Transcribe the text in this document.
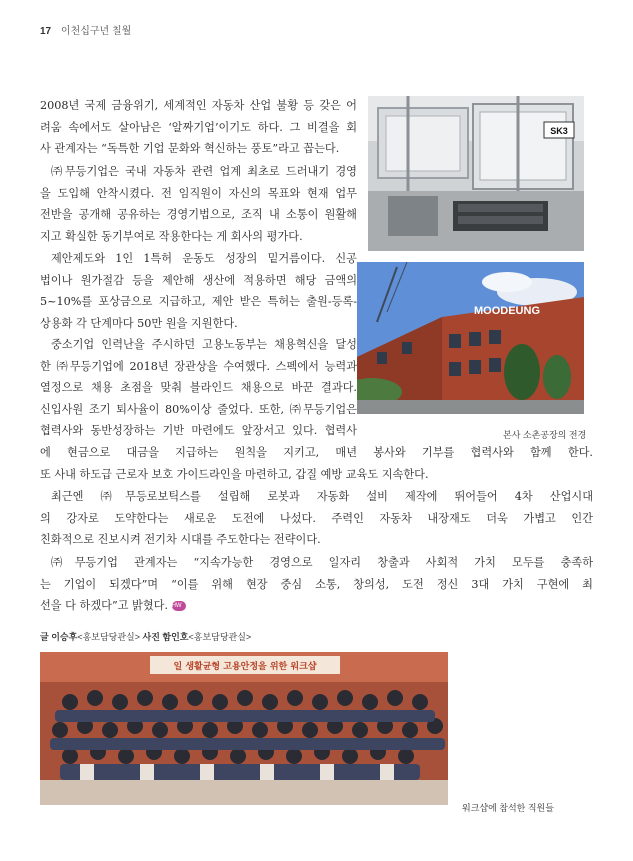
17 이천십구년 칠월
2008년 국제 금융위기, 세계적인 자동차 산업 불황 등 갖은 어
려움 속에서도 살아남은 ‘알짜기업’이기도 하다. 그 비결을 회
사 관계자는 “독특한 기업 문화와 혁신하는 풍토”라고 꼽는다.
㈜무등기업은 국내 자동차 관련 업계 최초로 드러내기 경영
을 도입해 안착시켰다. 전 임직원이 자신의 목표와 현재 업무
전반을 공개해 공유하는 경영기법으로, 조직 내 소통이 원활해
지고 확실한 동기부여로 작용한다는 게 회사의 평가다.
제안제도와 1인 1특허 운동도 성장의 밑거름이다. 신공
법이나 원가절감 등을 제안해 생산에 적용하면 해당 금액의
5~10%를 포상금으로 지급하고, 제안 받은 특허는 출원-등록-
상용화 각 단계마다 50만 원을 지원한다.
중소기업 인력난을 주시하던 고용노동부는 채용혁신을 달성
한 ㈜무등기업에 2018년 장관상을 수여했다. 스펙에서 능력과
열정으로 채용 초점을 맞춰 블라인드 채용으로 바꾼 결과다.
신입사원 조기 퇴사율이 80%이상 줄었다. 또한, ㈜무등기업은
협력사와 동반성장하는 기반 마련에도 앞장서고 있다. 협력사
에 현금으로 대금을 지급하는 원칙을 지키고, 매년 봉사와 기부를 협력사와 함께 한다.
또 사내 하도급 근로자 보호 가이드라인을 마련하고, 갑질 예방 교육도 지속한다.
최근엔 ㈜무등로보틱스를 설립해 로봇과 자동화 설비 제작에 뛰어들어 4차 산업시대
의 강자로 도약한다는 새로운 도전에 나섰다. 주력인 자동차 내장재도 더욱 가볍고 인간
친화적으로 진보시켜 전기차 시대를 주도한다는 전략이다.
㈜무등기업 관계자는 “지속가능한 경영으로 일자리 창출과 사회적 가치 모두를 충족하
는 기업이 되겠다”며 “이를 위해 현장 중심 소통, 창의성, 도전 정신 3대 가치 구현에 최
선을 다 하겠다”고 밝혔다. HW
글 이승후<홍보담당관실> 사진 함인호<홍보담당관실>
SK3
MOODEUNG
본사 소촌공장의 전경
일 생활균형 고용안정을 위한 워크샵
워크샵에 참석한 직원들
